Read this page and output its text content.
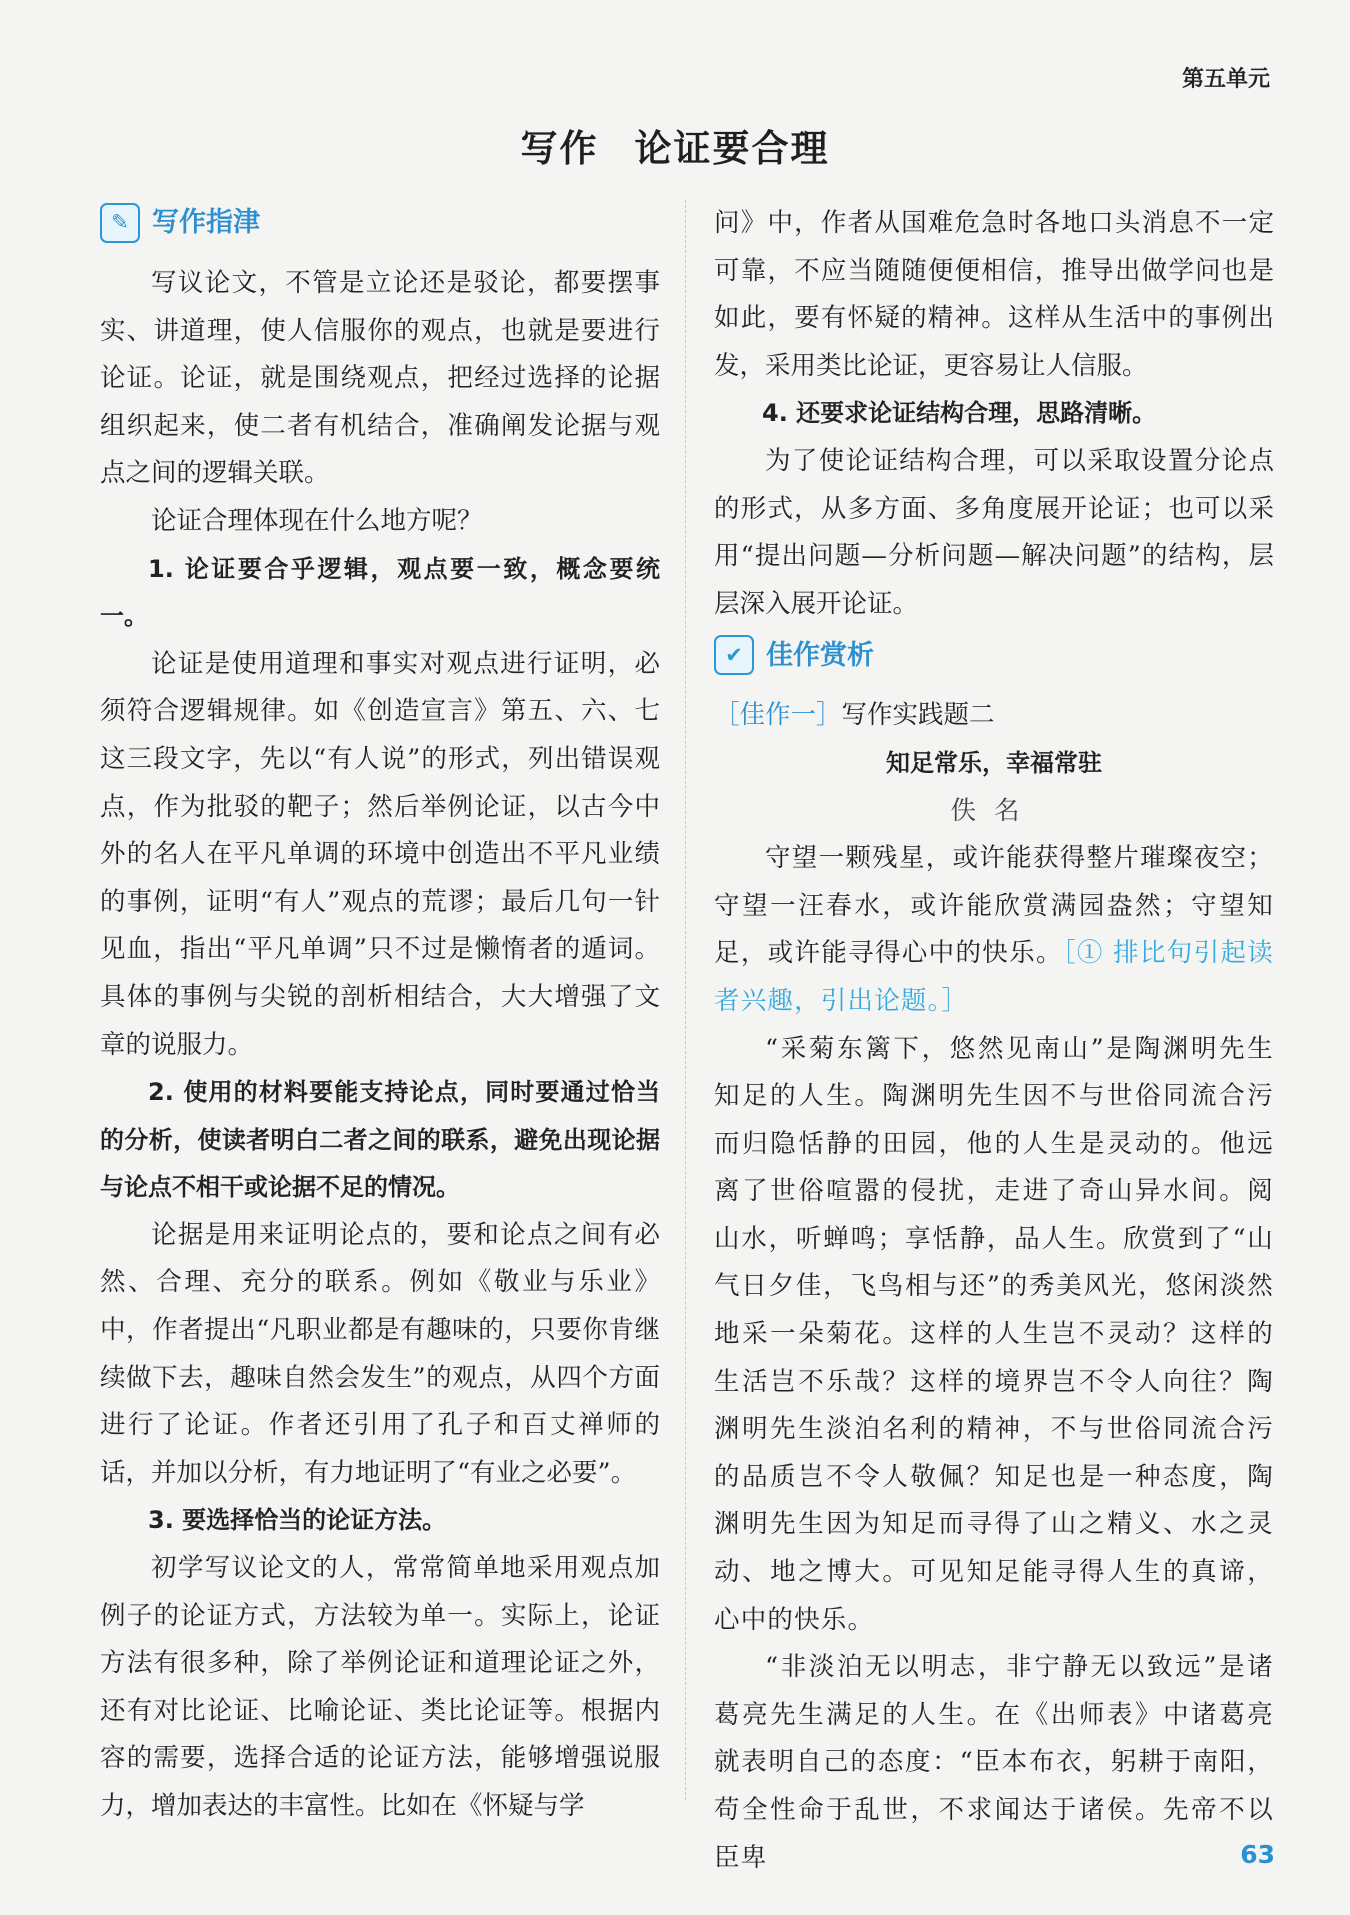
第五单元
写作 论证要合理
✎ 写作指津

写议论文，不管是立论还是驳论，都要摆事实、讲道理，使人信服你的观点，也就是要进行论证。论证，就是围绕观点，把经过选择的论据组织起来，使二者有机结合，准确阐发论据与观点之间的逻辑关联。

论证合理体现在什么地方呢？

1. 论证要合乎逻辑，观点要一致，概念要统一。

论证是使用道理和事实对观点进行证明，必须符合逻辑规律。如《创造宣言》第五、六、七这三段文字，先以“有人说”的形式，列出错误观点，作为批驳的靶子；然后举例论证，以古今中外的名人在平凡单调的环境中创造出不平凡业绩的事例，证明“有人”观点的荒谬；最后几句一针见血，指出“平凡单调”只不过是懒惰者的遁词。具体的事例与尖锐的剖析相结合，大大增强了文章的说服力。

2. 使用的材料要能支持论点，同时要通过恰当的分析，使读者明白二者之间的联系，避免出现论据与论点不相干或论据不足的情况。

论据是用来证明论点的，要和论点之间有必然、合理、充分的联系。例如《敬业与乐业》中，作者提出“凡职业都是有趣味的，只要你肯继续做下去，趣味自然会发生”的观点，从四个方面进行了论证。作者还引用了孔子和百丈禅师的话，并加以分析，有力地证明了“有业之必要”。

3. 要选择恰当的论证方法。

初学写议论文的人，常常简单地采用观点加例子的论证方式，方法较为单一。实际上，论证方法有很多种，除了举例论证和道理论证之外，还有对比论证、比喻论证、类比论证等。根据内容的需要，选择合适的论证方法，能够增强说服力，增加表达的丰富性。比如在《怀疑与学

问》中，作者从国难危急时各地口头消息不一定可靠，不应当随随便便相信，推导出做学问也是如此，要有怀疑的精神。这样从生活中的事例出发，采用类比论证，更容易让人信服。

4. 还要求论证结构合理，思路清晰。

为了使论证结构合理，可以采取设置分论点的形式，从多方面、多角度展开论证；也可以采用“提出问题—分析问题—解决问题”的结构，层层深入展开论证。

✔ 佳作赏析

［佳作一］写作实践题二

知足常乐，幸福常驻

佚名

守望一颗残星，或许能获得整片璀璨夜空；守望一汪春水，或许能欣赏满园盎然；守望知足，或许能寻得心中的快乐。［① 排比句引起读者兴趣，引出论题。］

“采菊东篱下，悠然见南山”是陶渊明先生知足的人生。陶渊明先生因不与世俗同流合污而归隐恬静的田园，他的人生是灵动的。他远离了世俗喧嚣的侵扰，走进了奇山异水间。阅山水，听蝉鸣；享恬静，品人生。欣赏到了“山气日夕佳，飞鸟相与还”的秀美风光，悠闲淡然地采一朵菊花。这样的人生岂不灵动？这样的生活岂不乐哉？这样的境界岂不令人向往？陶渊明先生淡泊名利的精神，不与世俗同流合污的品质岂不令人敬佩？知足也是一种态度，陶渊明先生因为知足而寻得了山之精义、水之灵动、地之博大。可见知足能寻得人生的真谛，心中的快乐。

“非淡泊无以明志，非宁静无以致远”是诸葛亮先生满足的人生。在《出师表》中诸葛亮就表明自己的态度：“臣本布衣，躬耕于南阳，苟全性命于乱世，不求闻达于诸侯。先帝不以臣卑	63
